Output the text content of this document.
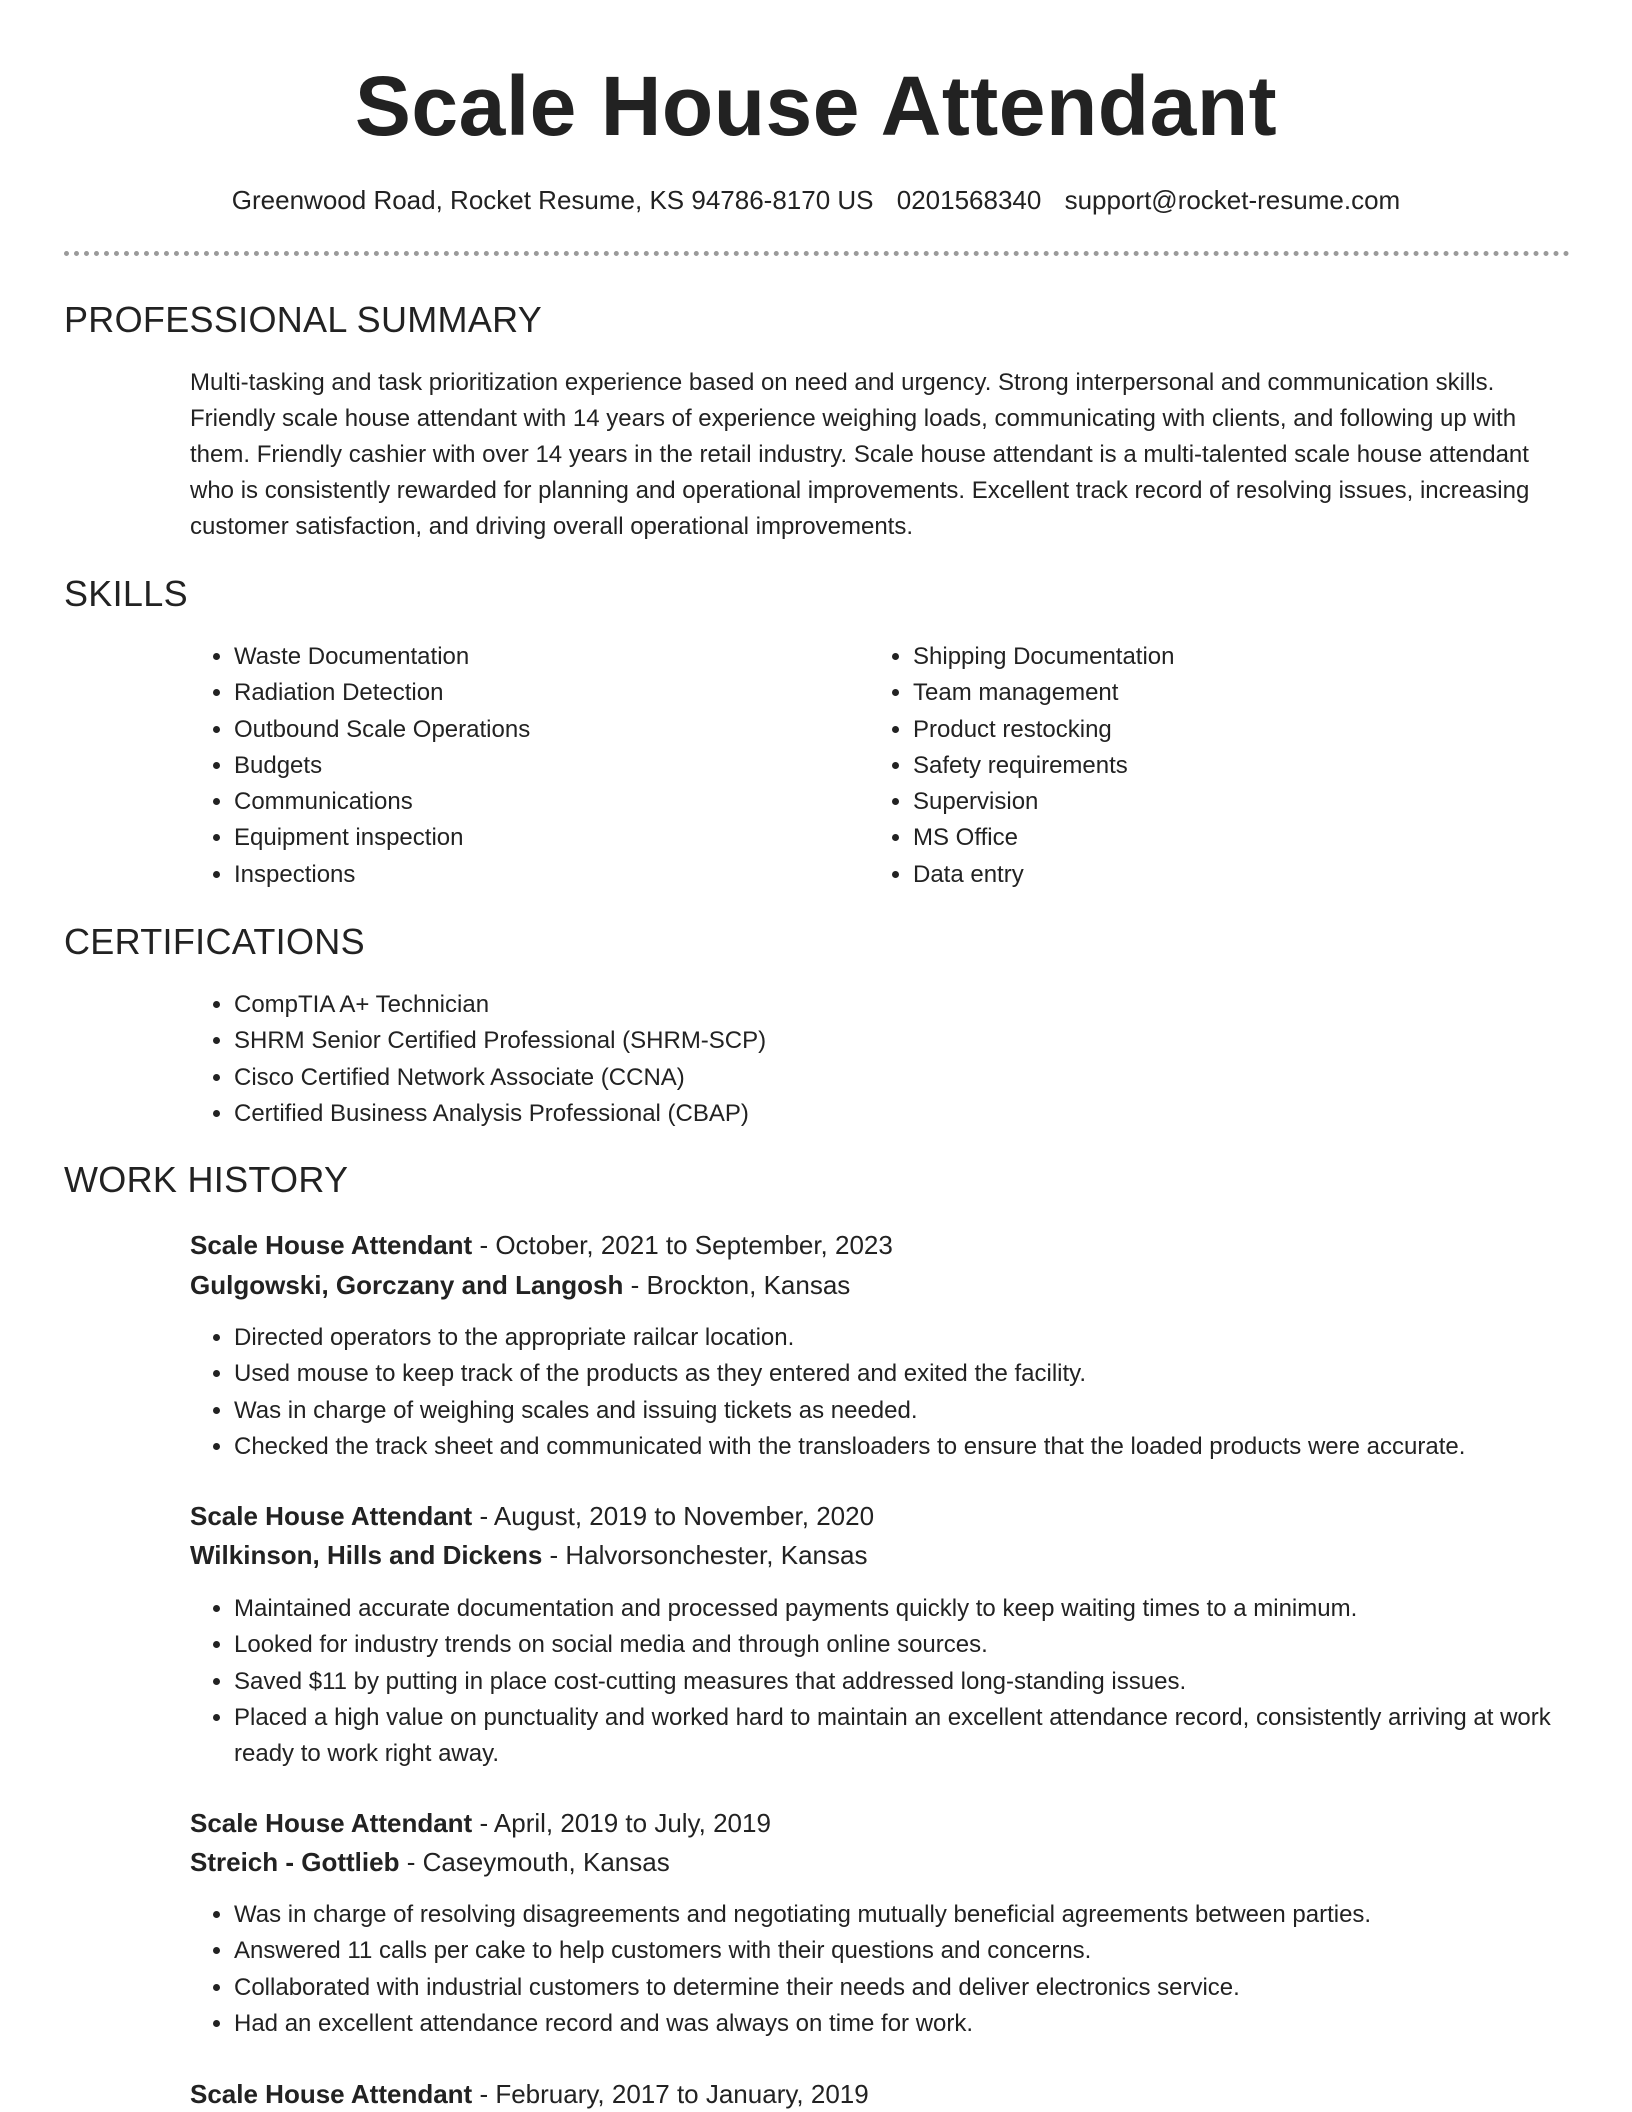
Scale House Attendant
Greenwood Road, Rocket Resume, KS 94786-8170 US 0201568340 support@rocket-resume.com
PROFESSIONAL SUMMARY

Multi-tasking and task prioritization experience based on need and urgency. Strong interpersonal and communication skills. Friendly scale house attendant with 14 years of experience weighing loads, communicating with clients, and following up with them. Friendly cashier with over 14 years in the retail industry. Scale house attendant is a multi-talented scale house attendant who is consistently rewarded for planning and operational improvements. Excellent track record of resolving issues, increasing customer satisfaction, and driving overall operational improvements.

SKILLS
• Waste Documentation
• Radiation Detection
• Outbound Scale Operations
• Budgets
• Communications
• Equipment inspection
• Inspections
• Shipping Documentation
• Team management
• Product restocking
• Safety requirements
• Supervision
• MS Office
• Data entry
CERTIFICATIONS
• CompTIA A+ Technician
• SHRM Senior Certified Professional (SHRM-SCP)
• Cisco Certified Network Associate (CCNA)
• Certified Business Analysis Professional (CBAP)
WORK HISTORY
Scale House Attendant - October, 2021 to September, 2023
Gulgowski, Gorczany and Langosh - Brockton, Kansas
• Directed operators to the appropriate railcar location.
• Used mouse to keep track of the products as they entered and exited the facility.
• Was in charge of weighing scales and issuing tickets as needed.
• Checked the track sheet and communicated with the transloaders to ensure that the loaded products were accurate.
Scale House Attendant - August, 2019 to November, 2020
Wilkinson, Hills and Dickens - Halvorsonchester, Kansas
• Maintained accurate documentation and processed payments quickly to keep waiting times to a minimum.
• Looked for industry trends on social media and through online sources.
• Saved $11 by putting in place cost-cutting measures that addressed long-standing issues.
• Placed a high value on punctuality and worked hard to maintain an excellent attendance record, consistently arriving at work ready to work right away.
Scale House Attendant - April, 2019 to July, 2019
Streich - Gottlieb - Caseymouth, Kansas
• Was in charge of resolving disagreements and negotiating mutually beneficial agreements between parties.
• Answered 11 calls per cake to help customers with their questions and concerns.
• Collaborated with industrial customers to determine their needs and deliver electronics service.
• Had an excellent attendance record and was always on time for work.
Scale House Attendant - February, 2017 to January, 2019
